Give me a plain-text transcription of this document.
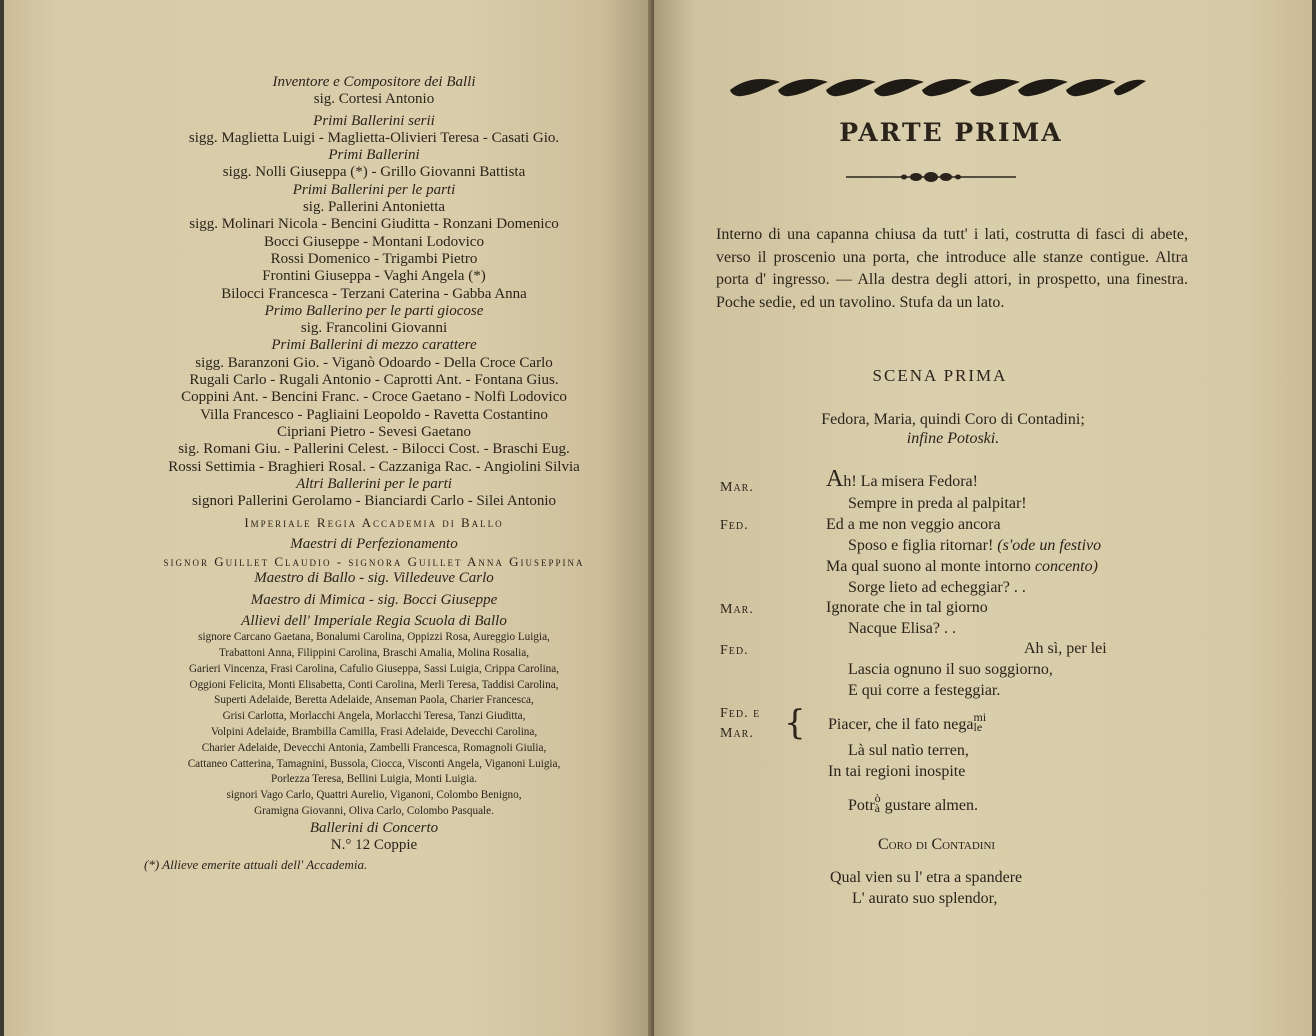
Inventore e Compositore dei Balli
sig. Cortesi Antonio
Primi Ballerini serii
sigg. Maglietta Luigi - Maglietta-Olivieri Teresa - Casati Gio.
Primi Ballerini
sigg. Nolli Giuseppa (*) - Grillo Giovanni Battista
Primi Ballerini per le parti
sig. Pallerini Antonietta
sigg. Molinari Nicola - Bencini Giuditta - Ronzani Domenico
Bocci Giuseppe - Montani Lodovico
Rossi Domenico - Trigambi Pietro
Frontini Giuseppa - Vaghi Angela (*)
Bilocci Francesca - Terzani Caterina - Gabba Anna
Primo Ballerino per le parti giocose
sig. Francolini Giovanni
Primi Ballerini di mezzo carattere
sigg. Baranzoni Gio. - Viganò Odoardo - Della Croce Carlo
Rugali Carlo - Rugali Antonio - Caprotti Ant. - Fontana Gius.
Coppini Ant. - Bencini Franc. - Croce Gaetano - Nolfi Lodovico
Villa Francesco - Pagliaini Leopoldo - Ravetta Costantino
Cipriani Pietro - Sevesi Gaetano
sig. Romani Giu. - Pallerini Celest. - Bilocci Cost. - Braschi Eug.
Rossi Settimia - Braghieri Rosal. - Cazzaniga Rac. - Angiolini Silvia
Altri Ballerini per le parti
signori Pallerini Gerolamo - Bianciardi Carlo - Silei Antonio
Imperiale Regia Accademia di Ballo
Maestri di Perfezionamento
signor Guillet Claudio - signora Guillet Anna Giuseppina
Maestro di Ballo - sig. Villedeuve Carlo
Maestro di Mimica - sig. Bocci Giuseppe
Allievi dell' Imperiale Regia Scuola di Ballo
signore Carcano Gaetana, Bonalumi Carolina, Oppizzi Rosa, Aureggio Luigia,
Trabattoni Anna, Filippini Carolina, Braschi Amalia, Molina Rosalia,
Garieri Vincenza, Frasi Carolina, Cafulio Giuseppa, Sassi Luigia, Crippa Carolina,
Oggioni Felicita, Monti Elisabetta, Conti Carolina, Merli Teresa, Taddisi Carolina,
Superti Adelaide, Beretta Adelaide, Anseman Paola, Charier Francesca,
Grisi Carlotta, Morlacchi Angela, Morlacchi Teresa, Tanzi Giuditta,
Volpini Adelaide, Brambilla Camilla, Frasi Adelaide, Devecchi Carolina,
Charier Adelaide, Devecchi Antonia, Zambelli Francesca, Romagnoli Giulia,
Cattaneo Catterina, Tamagnini, Bussola, Ciocca, Visconti Angela, Viganoni Luigia,
Porlezza Teresa, Bellini Luigia, Monti Luigia.
signori Vago Carlo, Quattri Aurelio, Viganoni, Colombo Benigno,
Gramigna Giovanni, Oliva Carlo, Colombo Pasquale.
Ballerini di Concerto
N.° 12 Coppie
(*) Allieve emerite attuali dell' Accademia.
PARTE PRIMA
Interno di una capanna chiusa da tutt' i lati, costrutta di fasci di abete, verso il proscenio una porta, che introduce alle stanze contigue. Altra porta d' ingresso. — Alla destra degli attori, in prospetto, una finestra. Poche sedie, ed un tavolino. Stufa da un lato.
SCENA PRIMA
Fedora, Maria, quindi Coro di Contadini;
infine Potoski.
Mar.	Ah! La misera Fedora!
Sempre in preda al palpitar!
Fed.	Ed a me non veggio ancora
Sposo e figlia ritornar! (s'ode un festivo
Ma qual suono al monte intorno concento)
Sorge lieto ad echeggiar? . .
Mar.	Ignorate che in tal giorno
Nacque Elisa? . .
Fed.	Ah sì, per lei
Lascia ognuno il suo soggiorno,
E qui corre a festeggiar.
Fed. e
Mar. { Piacer, che il fato nega mi
le
Là sul natìo terren,
In tai regioni inospite
Potr ò
à gustare almen.
Coro di Contadini
Qual vien su l' etra a spandere
L' aurato suo splendor,
